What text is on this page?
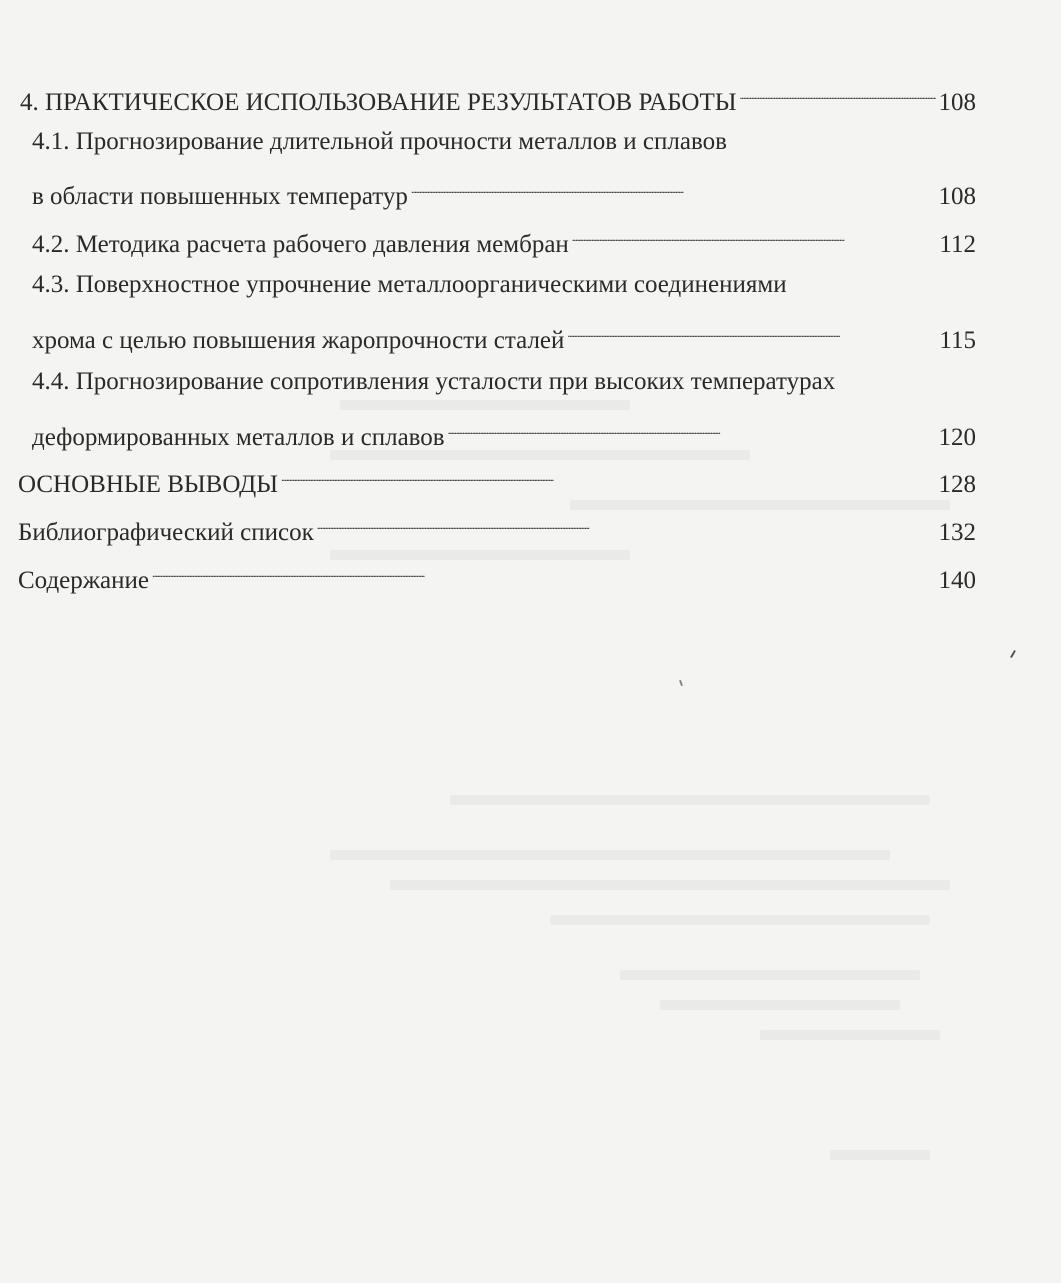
4. ПРАКТИЧЕСКОЕ ИСПОЛЬЗОВАНИЕ РЕЗУЛЬТАТОВ РАБОТЫ . . .	108
4.1. Прогнозирование длительной прочности металлов и сплавов
в области повышенных температур . . .	108
4.2. Методика расчета рабочего давления мембран . . .	112
4.3. Поверхностное упрочнение металлоорганическими соединениями
хрома с целью повышения жаропрочности сталей . . .	115
4.4. Прогнозирование сопротивления усталости при высоких температурах
деформированных металлов и сплавов . . .	120
ОСНОВНЫЕ ВЫВОДЫ . . .	128
Библиографический список . . .	132
Содержание . . .	140
